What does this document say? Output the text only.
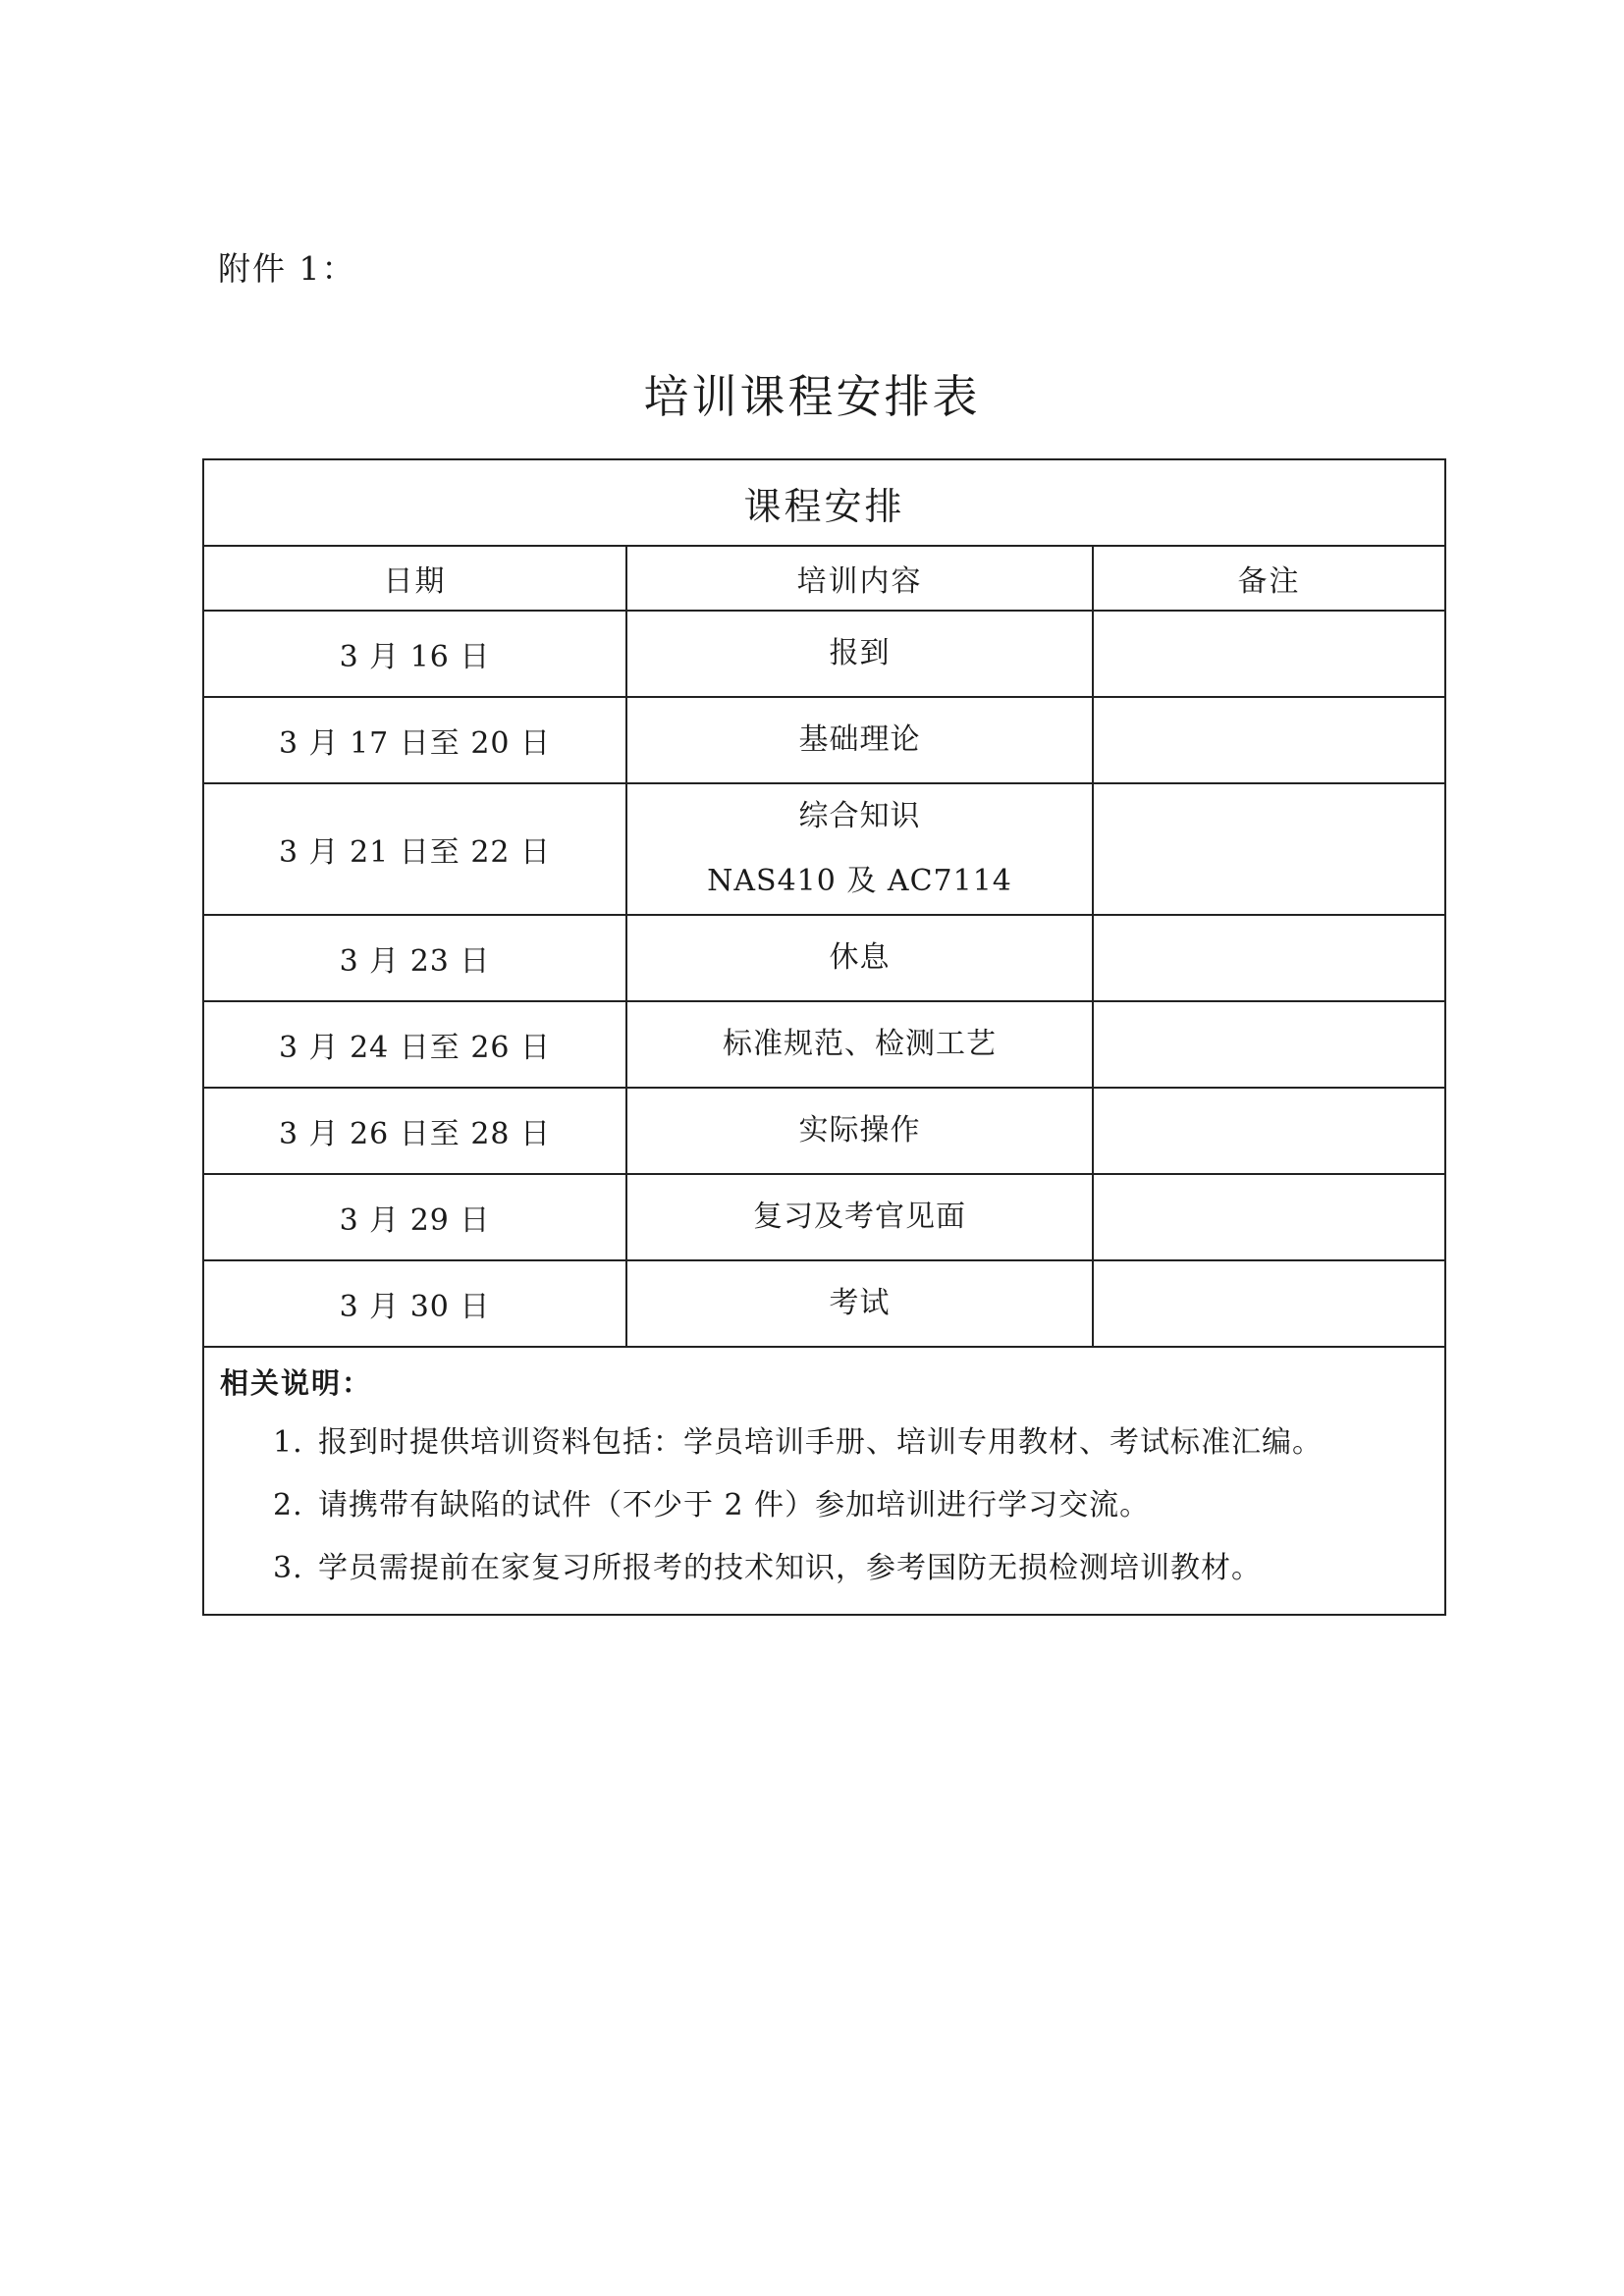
附件 1：
培训课程安排表
课程安排		
日期	培训内容	备注
3 月 16 日	报到	

3 月 17 日至 20 日	基础理论	

3 月 21 日至 22 日	综合知识
NAS410 及 AC7114	

3 月 23 日	休息	

3 月 24 日至 26 日	标准规范、检测工艺	

3 月 26 日至 28 日	实际操作	

3 月 29 日	复习及考官见面	

3 月 30 日	考试	

相关说明：
1. 报到时提供培训资料包括：学员培训手册、培训专用教材、考试标准汇编。
2. 请携带有缺陷的试件（不少于 2 件）参加培训进行学习交流。
3. 学员需提前在家复习所报考的技术知识，参考国防无损检测培训教材。		
